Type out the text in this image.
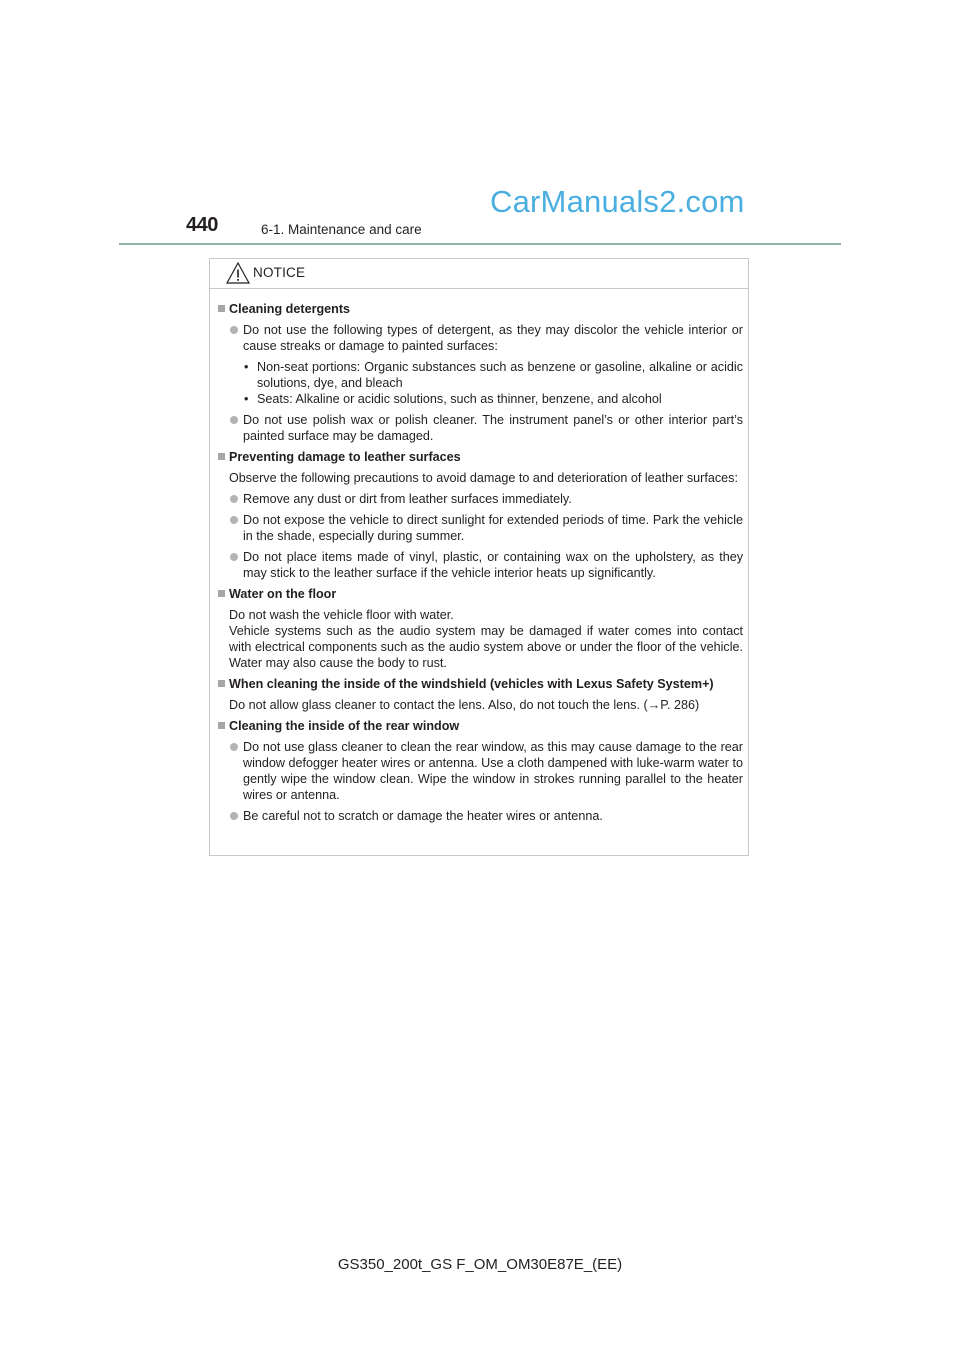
440	6-1. Maintenance and care
CarManuals2.com
NOTICE
Cleaning detergents
Do not use the following types of detergent, as they may discolor the vehicle interior or cause streaks or damage to painted surfaces:
• Non-seat portions: Organic substances such as benzene or gasoline, alkaline or acidic solutions, dye, and bleach
• Seats: Alkaline or acidic solutions, such as thinner, benzene, and alcohol
Do not use polish wax or polish cleaner. The instrument panel’s or other interior part’s painted surface may be damaged.
Preventing damage to leather surfaces
Observe the following precautions to avoid damage to and deterioration of leather surfaces:
Remove any dust or dirt from leather surfaces immediately.
Do not expose the vehicle to direct sunlight for extended periods of time. Park the vehicle in the shade, especially during summer.
Do not place items made of vinyl, plastic, or containing wax on the upholstery, as they may stick to the leather surface if the vehicle interior heats up significantly.
Water on the floor
Do not wash the vehicle floor with water.
Vehicle systems such as the audio system may be damaged if water comes into contact with electrical components such as the audio system above or under the floor of the vehicle. Water may also cause the body to rust.
When cleaning the inside of the windshield (vehicles with Lexus Safety System+)
Do not allow glass cleaner to contact the lens. Also, do not touch the lens. (→P. 286)
Cleaning the inside of the rear window
Do not use glass cleaner to clean the rear window, as this may cause damage to the rear window defogger heater wires or antenna. Use a cloth dampened with luke-warm water to gently wipe the window clean. Wipe the window in strokes running parallel to the heater wires or antenna.
Be careful not to scratch or damage the heater wires or antenna.
GS350_200t_GS F_OM_OM30E87E_(EE)
